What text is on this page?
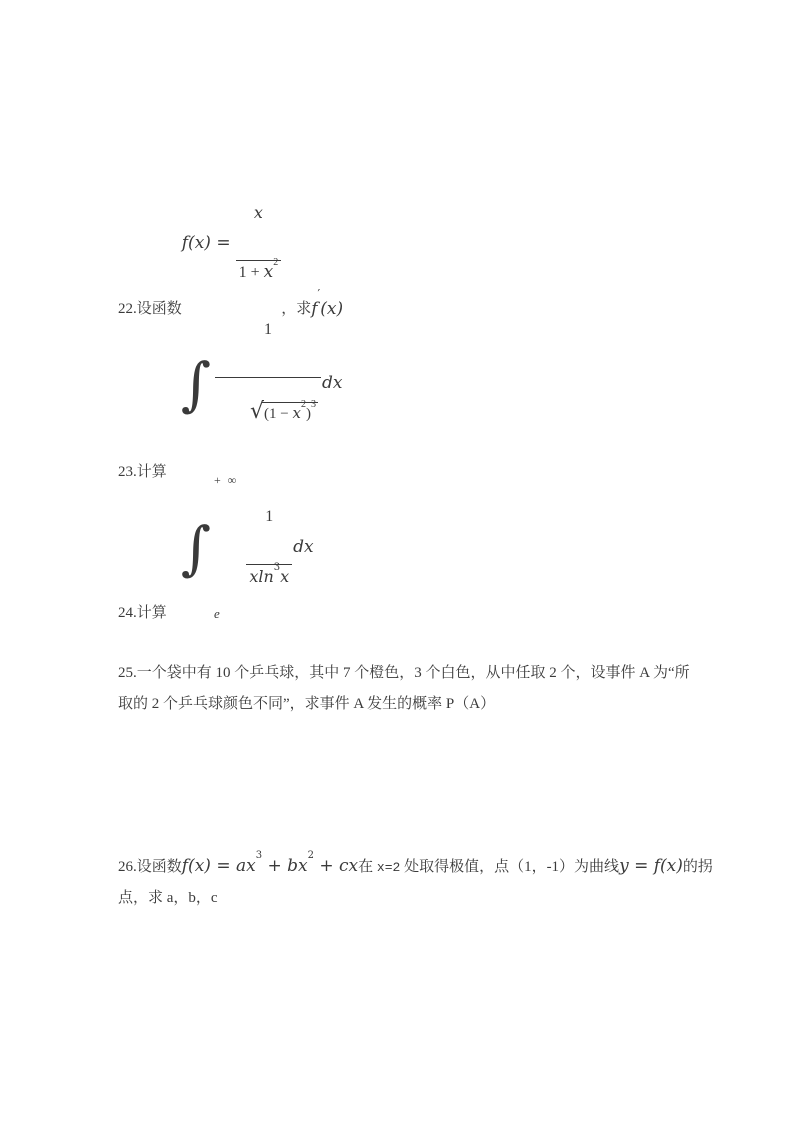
22.设函数
f(x) =

$\frac{x}{1 + x^2}$

，求 f′(x)
23.计算
∫

$\frac{1}{√ (1 - x^2)^3}$

dx
24.计算
∫
+ ∞
e

	$\frac{1}{xln^3x}$

dx
25.一个袋中有 10 个乒乓球，其中 7 个橙色，3 个白色，从中任取 2 个，设事件 A 为“所
取的 2 个乒乓球颜色不同”，求事件 A 发生的概率 P（A）
26.设函数$f(x) = ax^3 + bx^2$ + cx在 x=2 处取得极值，点（1，-1）为曲线y = f(x)的拐
点，求 a，b，c
